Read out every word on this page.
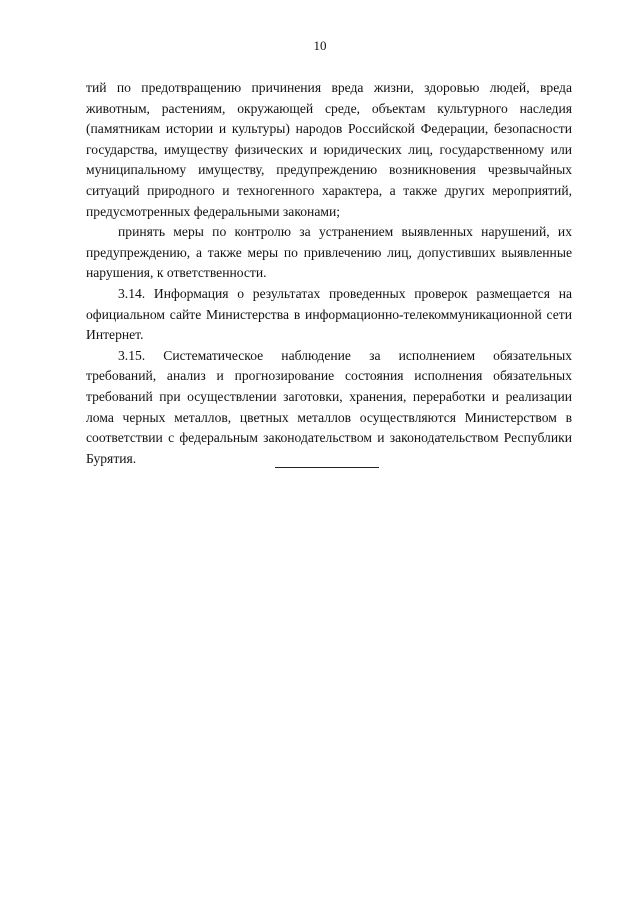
10

тий по предотвращению причинения вреда жизни, здоровью людей, вреда животным, растениям, окружающей среде, объектам культурного наследия (памятникам истории и культуры) народов Российской Федерации, безопасности государства, имуществу физических и юридических лиц, государственному или муниципальному имуществу, предупреждению возникновения чрезвычайных ситуаций природного и техногенного характера, а также других мероприятий, предусмотренных федеральными законами;

принять меры по контролю за устранением выявленных нарушений, их предупреждению, а также меры по привлечению лиц, допустивших выявленные нарушения, к ответственности.

3.14. Информация о результатах проведенных проверок размещается на официальном сайте Министерства в информационно-телекоммуникационной сети Интернет.

3.15. Систематическое наблюдение за исполнением обязательных требований, анализ и прогнозирование состояния исполнения обязательных требований при осуществлении заготовки, хранения, переработки и реализации лома черных металлов, цветных металлов осуществляются Министерством в соответствии с федеральным законодательством и законодательством Республики Бурятия.
